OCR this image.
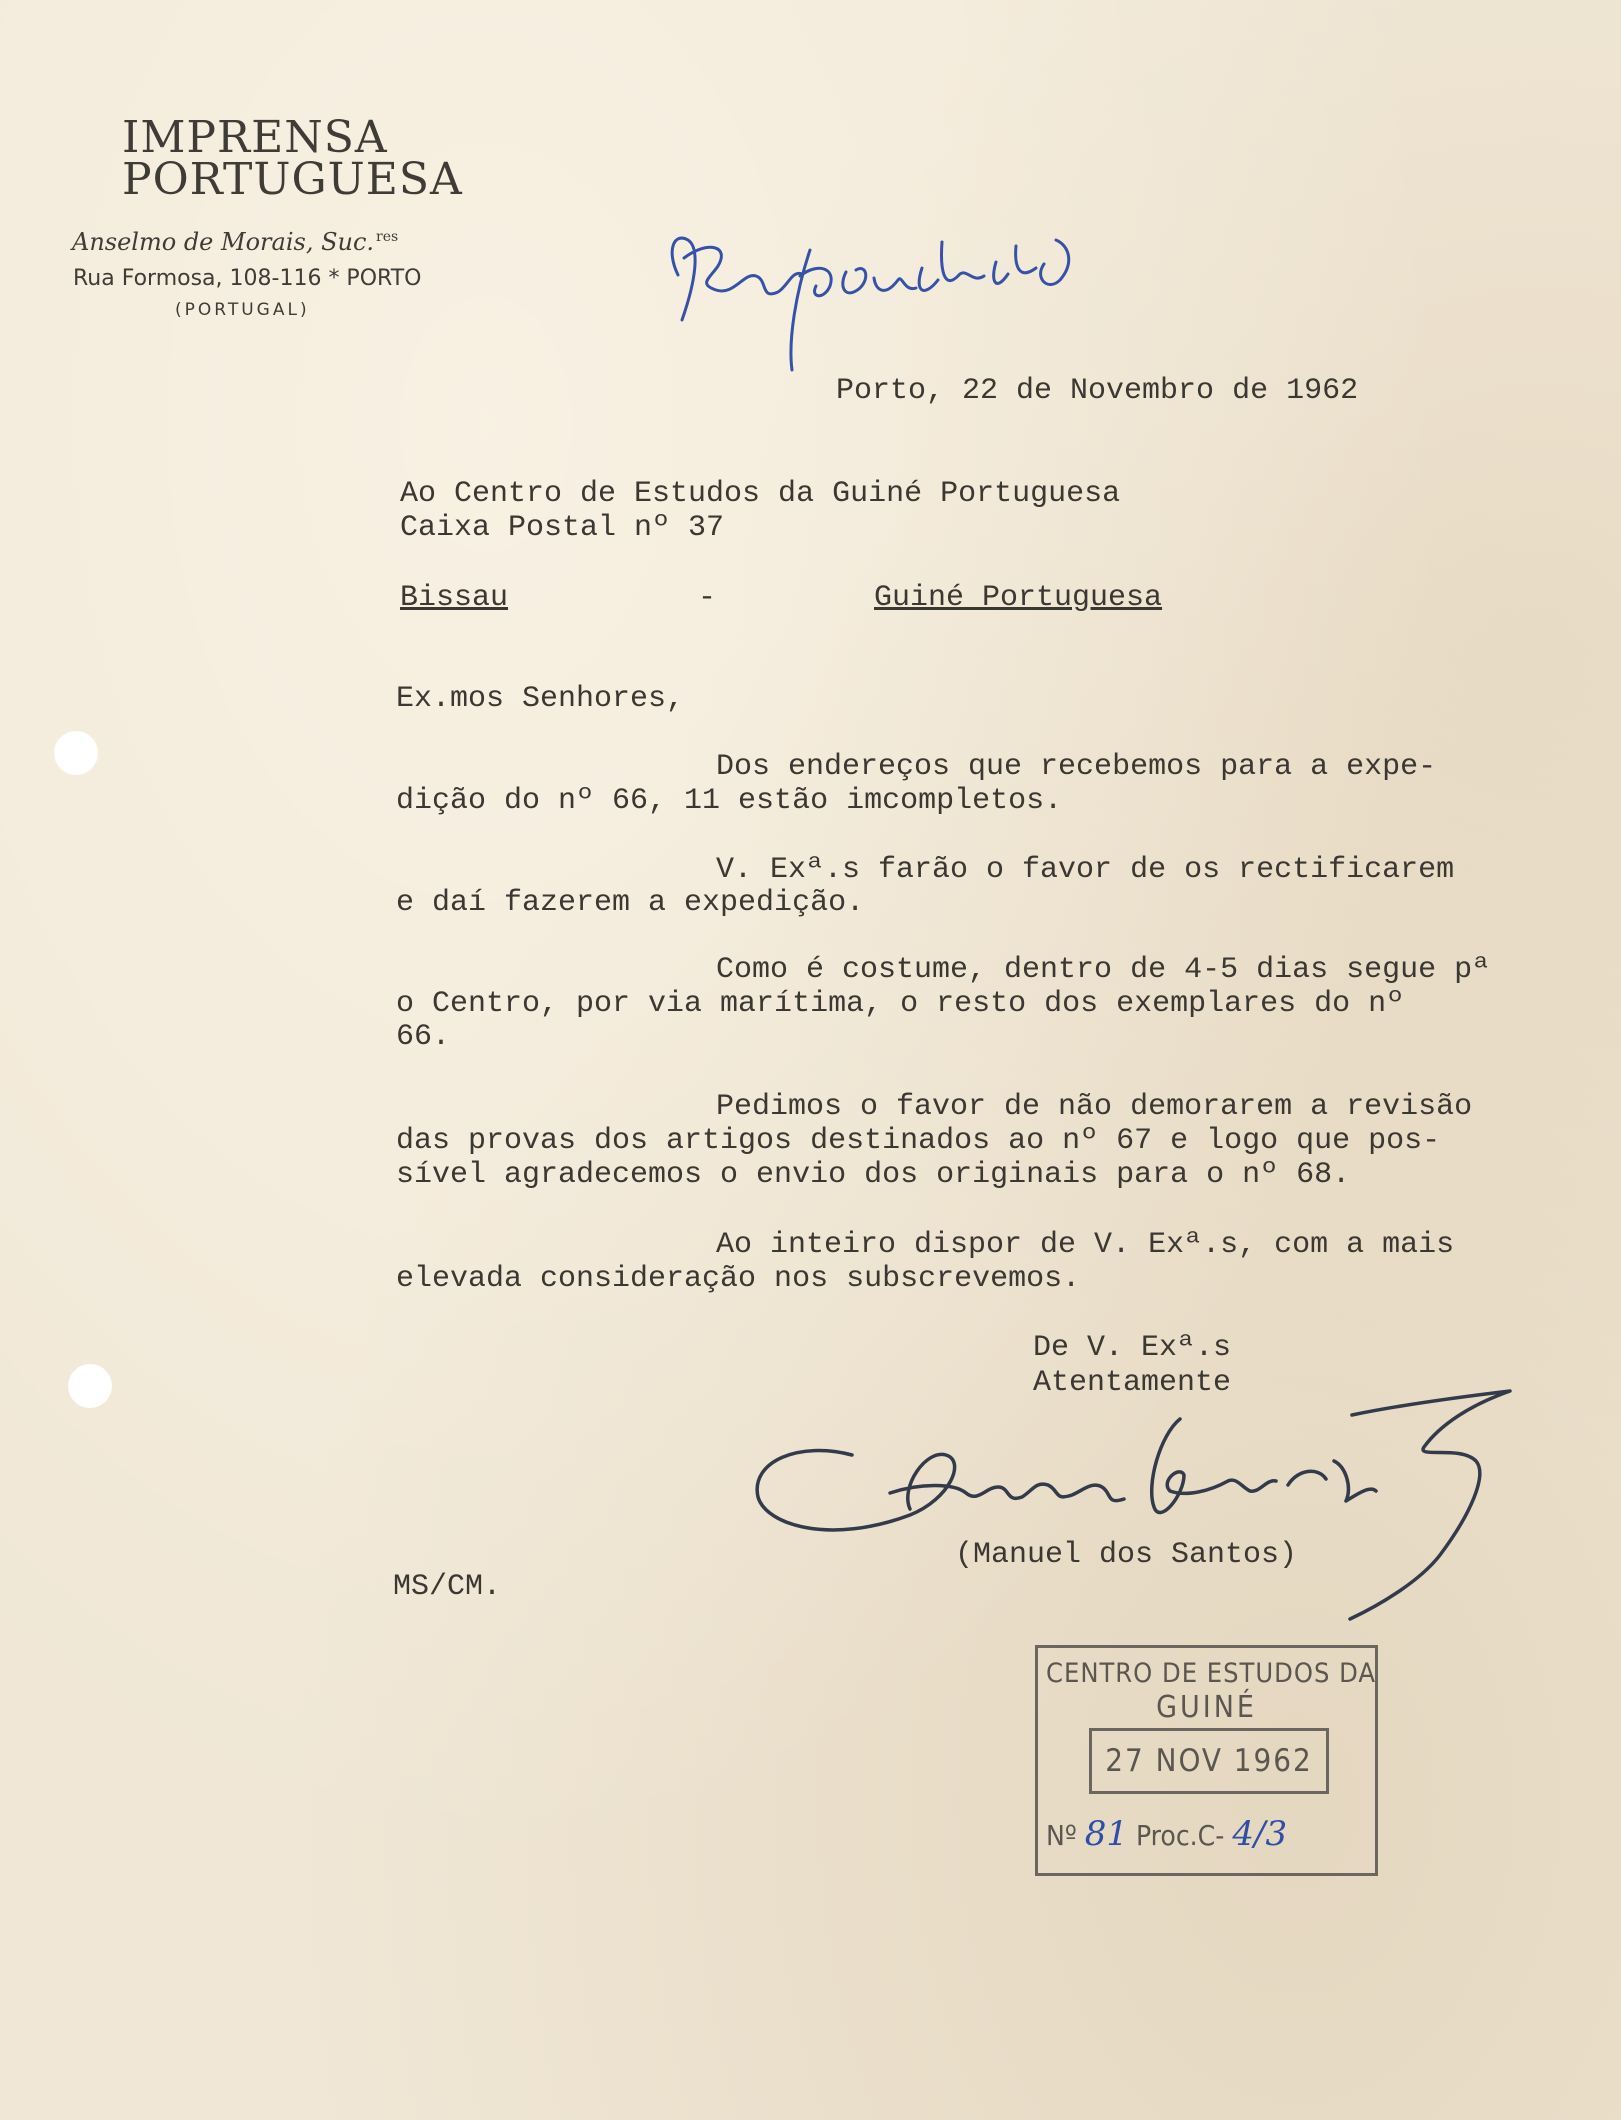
IMPRENSA
PORTUGUESA
Anselmo de Morais, Suc. $^{res}$
Rua Formosa, 108-116 * PORTO
(PORTUGAL)
Porto, 22 de Novembro de 1962
Ao Centro de Estudos da Guiné Portuguesa
Caixa Postal nº 37
Bissau	-	Guiné Portuguesa
Ex.mos Senhores,
Dos endereços que recebemos para a expe-
dição do nº 66, 11 estão imcompletos.
V. Exª.s farão o favor de os rectificarem
e daí fazerem a expedição.
Como é costume, dentro de 4-5 dias segue pª
o Centro, por via marítima, o resto dos exemplares do nº
66.
Pedimos o favor de não demorarem a revisão
das provas dos artigos destinados ao nº 67 e logo que pos-
sível agradecemos o envio dos originais para o nº 68.
Ao inteiro dispor de V. Exª.s, com a mais
elevada consideração nos subscrevemos.
De V. Exª.s
Atentamente
(Manuel dos Santos)
MS/CM.
CENTRO DE ESTUDOS DA
GUINÉ
27 NOV 1962
Nº 81 Proc.C- 4/3
